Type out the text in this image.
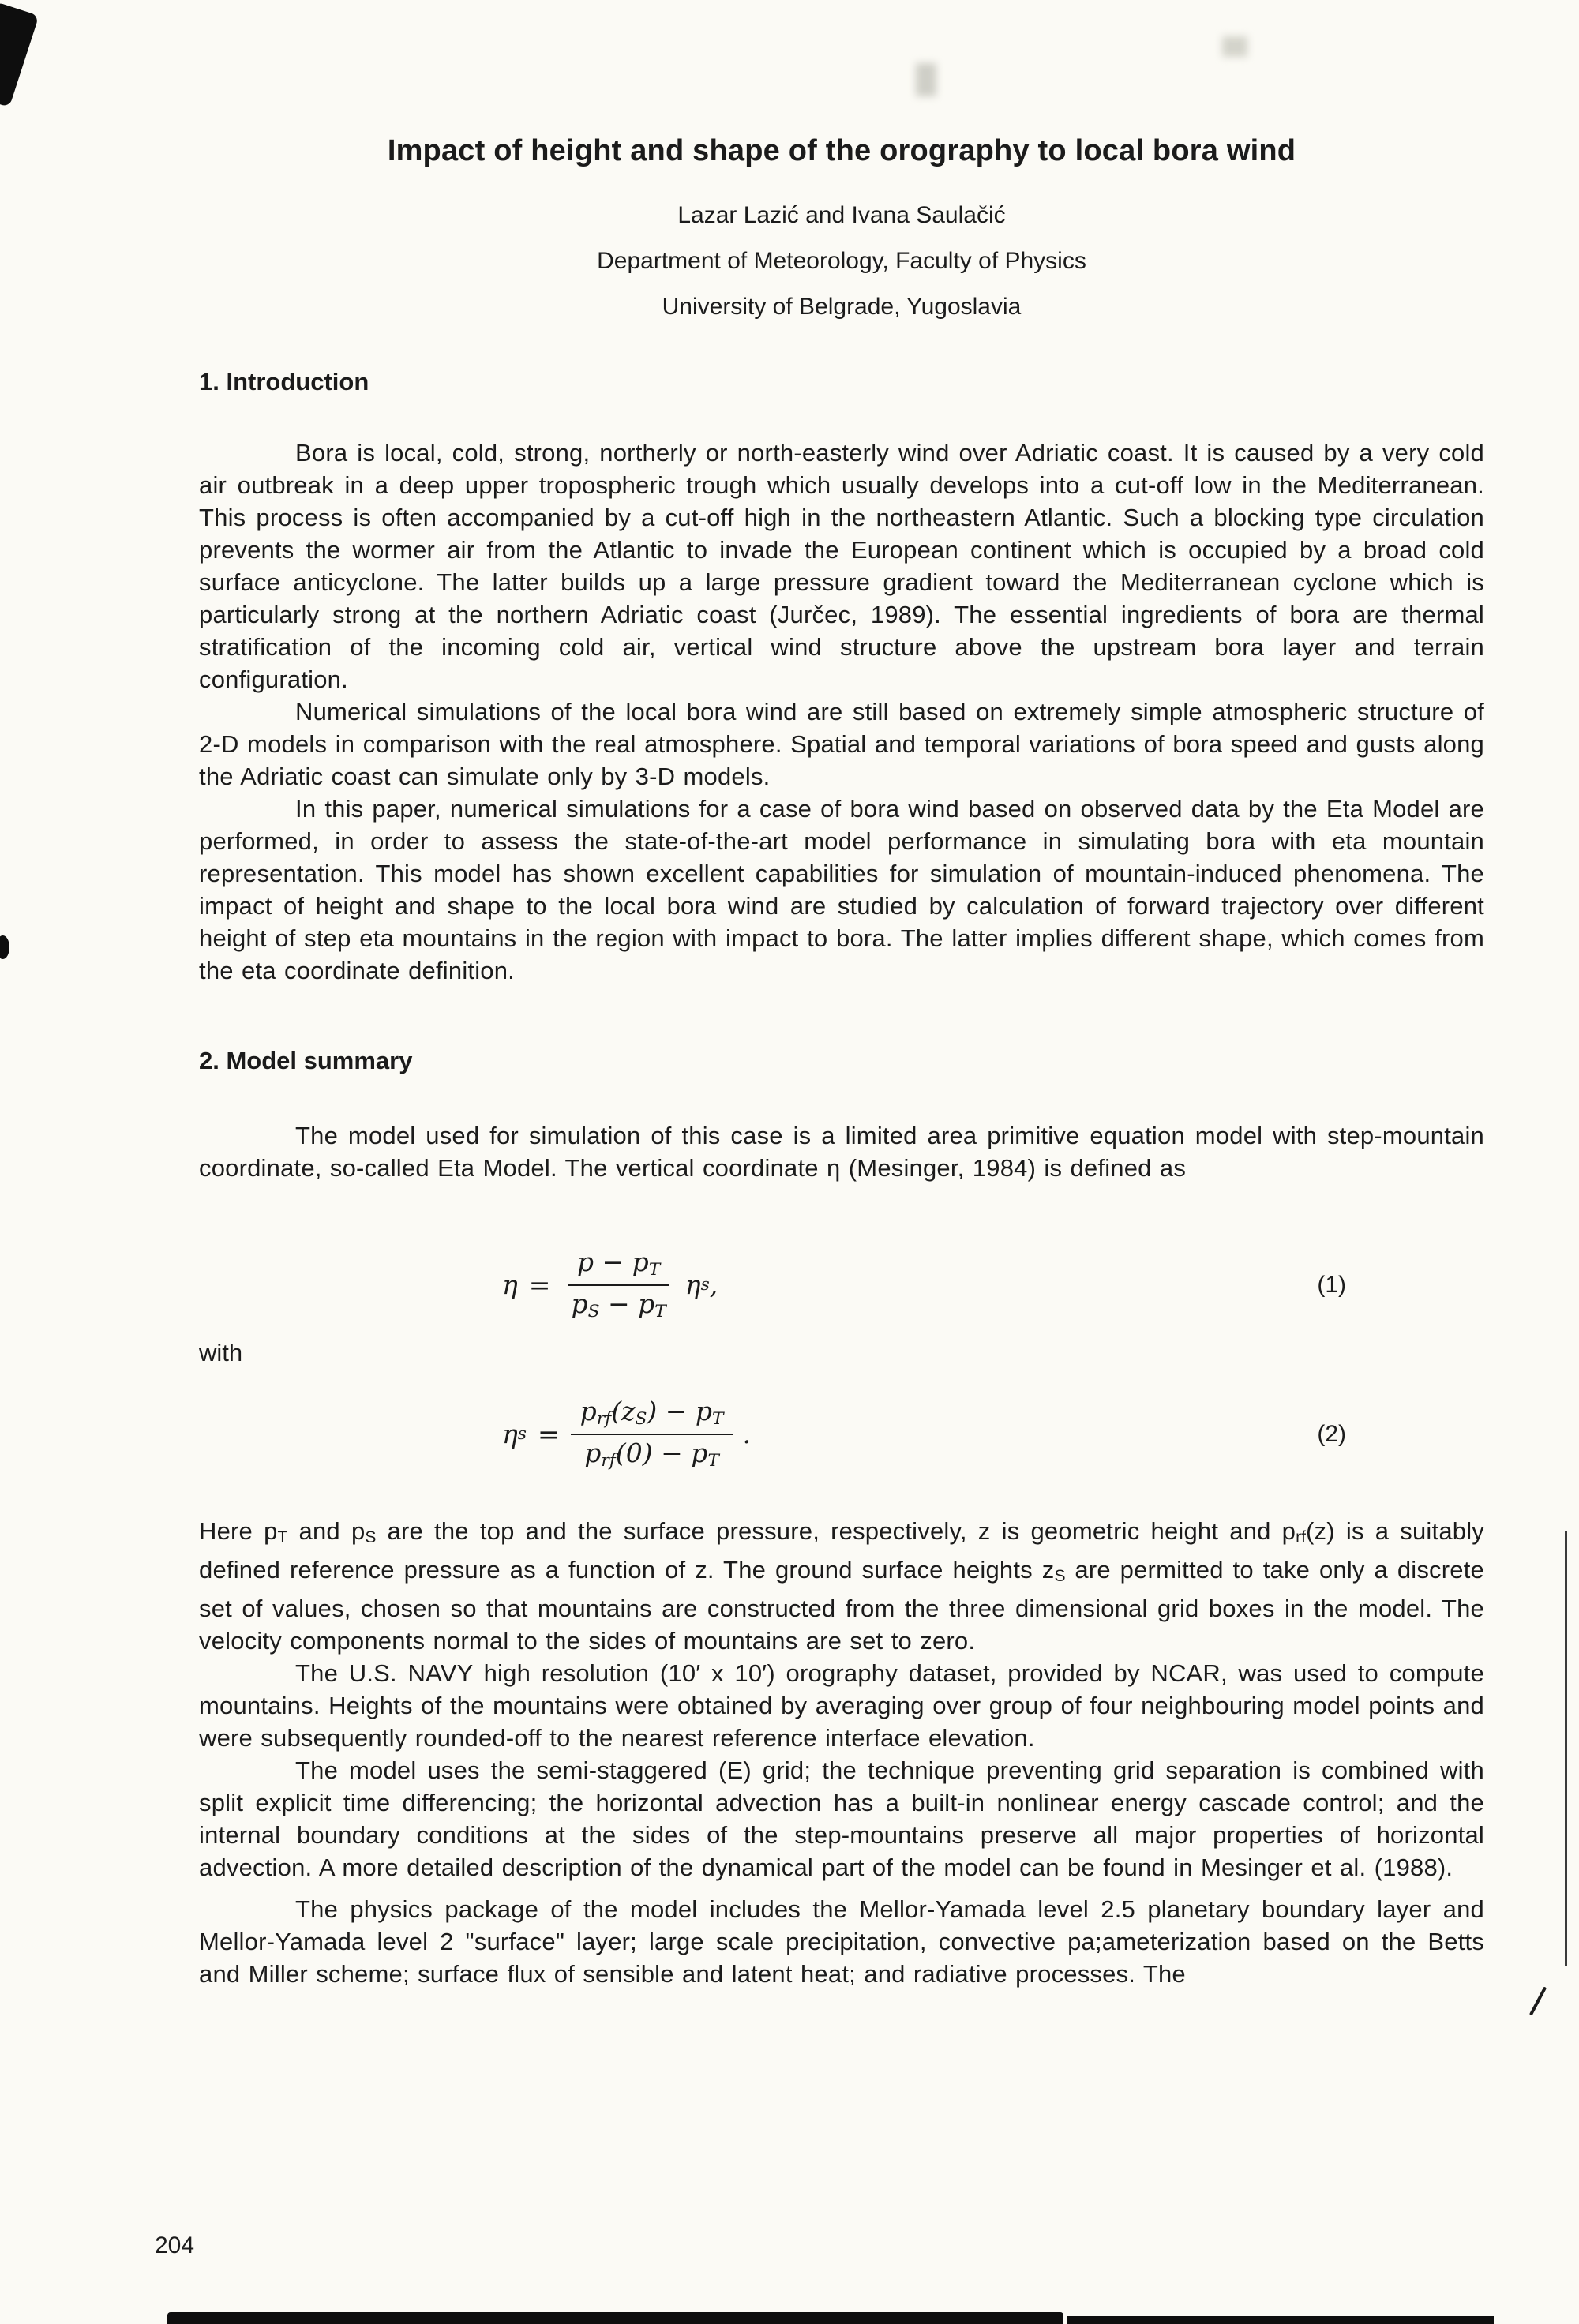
Impact of height and shape of the orography to local bora wind
Lazar Lazić and Ivana Saulačić
Department of Meteorology, Faculty of Physics
University of Belgrade, Yugoslavia
1. Introduction

Bora is local, cold, strong, northerly or north-easterly wind over Adriatic coast. It is caused by a very cold air outbreak in a deep upper tropospheric trough which usually develops into a cut-off low in the Mediterranean. This process is often accompanied by a cut-off high in the northeastern Atlantic. Such a blocking type circulation prevents the wormer air from the Atlantic to invade the European continent which is occupied by a broad cold surface anticyclone. The latter builds up a large pressure gradient toward the Mediterranean cyclone which is particularly strong at the northern Adriatic coast (Jurčec, 1989). The essential ingredients of bora are thermal stratification of the incoming cold air, vertical wind structure above the upstream bora layer and terrain configuration.

Numerical simulations of the local bora wind are still based on extremely simple atmospheric structure of 2-D models in comparison with the real atmosphere. Spatial and temporal variations of bora speed and gusts along the Adriatic coast can simulate only by 3-D models.

In this paper, numerical simulations for a case of bora wind based on observed data by the Eta Model are performed, in order to assess the state-of-the-art model performance in simulating bora with eta mountain representation. This model has shown excellent capabilities for simulation of mountain-induced phenomena. The impact of height and shape to the local bora wind are studied by calculation of forward trajectory over different height of step eta mountains in the region with impact to bora. The latter implies different shape, which comes from the eta coordinate definition.

2. Model summary

The model used for simulation of this case is a limited area primitive equation model with step-mountain coordinate, so-called Eta Model. The vertical coordinate η (Mesinger, 1984) is defined as

$\eta = \frac{p - pT}{pS - pT}$ η s ,	(1)
with
η $s = \frac{\text{prf(zS) − pT}}{\text{prf(0) − pT}}$ .	(2)

Here pT and pS are the top and the surface pressure, respectively, z is geometric height and prf(z) is a suitably defined reference pressure as a function of z. The ground surface heights zS are permitted to take only a discrete set of values, chosen so that mountains are constructed from the three dimensional grid boxes in the model. The velocity components normal to the sides of mountains are set to zero.

The U.S. NAVY high resolution (10′ x 10′) orography dataset, provided by NCAR, was used to compute mountains. Heights of the mountains were obtained by averaging over group of four neighbouring model points and were subsequently rounded-off to the nearest reference interface elevation.

The model uses the semi-staggered (E) grid; the technique preventing grid separation is combined with split explicit time differencing; the horizontal advection has a built-in nonlinear energy cascade control; and the internal boundary conditions at the sides of the step-mountains preserve all major properties of horizontal advection. A more detailed description of the dynamical part of the model can be found in Mesinger et al. (1988).

The physics package of the model includes the Mellor-Yamada level 2.5 planetary boundary layer and Mellor-Yamada level 2 "surface" layer; large scale precipitation, convective pa;ameterization based on the Betts and Miller scheme; surface flux of sensible and latent heat; and radiative processes. The

204
